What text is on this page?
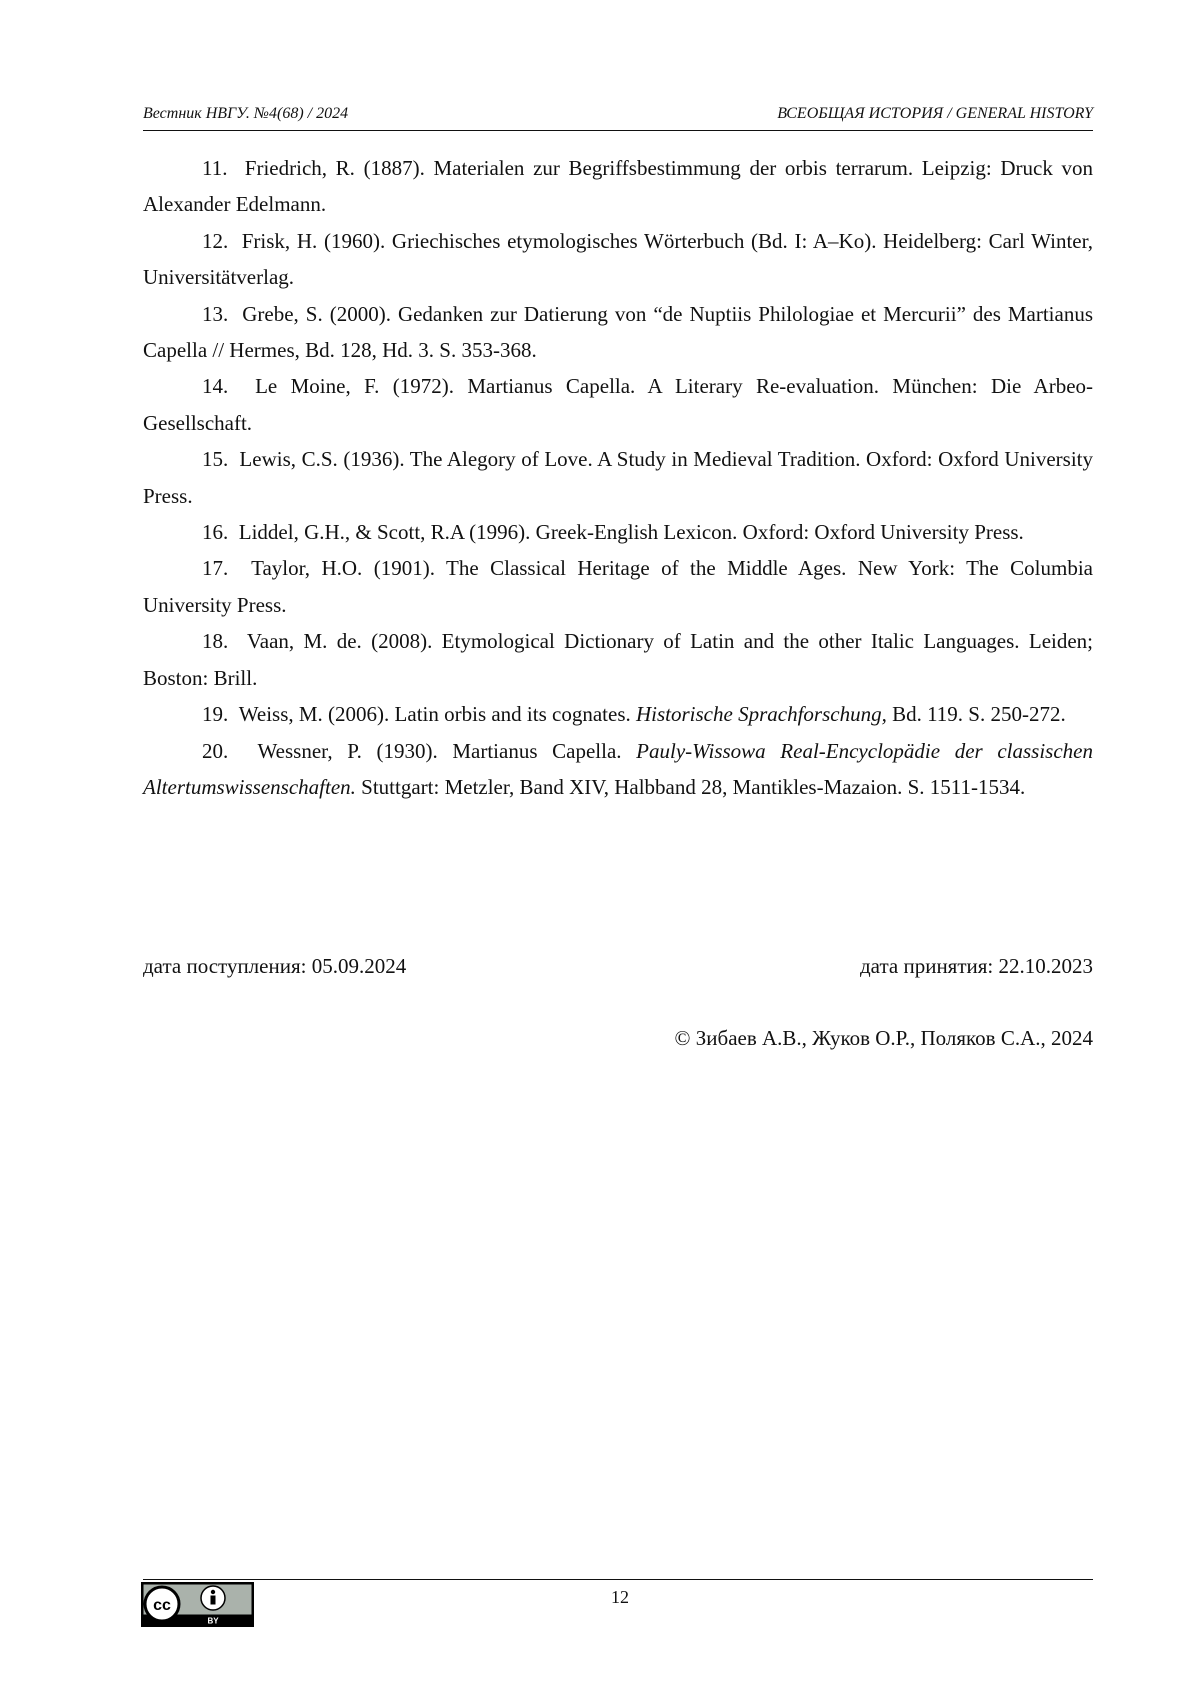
Вестник НВГУ. №4(68) / 2024	ВСЕОБЩАЯ ИСТОРИЯ / GENERAL HISTORY

11. Friedrich, R. (1887). Materialen zur Begriffsbestimmung der orbis terrarum. Leipzig: Druck von Alexander Edelmann.

12. Frisk, H. (1960). Griechisches etymologisches Wörterbuch (Bd. I: A–Ko). Heidelberg: Carl Winter, Universitätverlag.

13. Grebe, S. (2000). Gedanken zur Datierung von “de Nuptiis Philologiae et Mercurii” des Martianus Capella // Hermes, Bd. 128, Hd. 3. S. 353-368.

14. Le Moine, F. (1972). Martianus Capella. A Literary Re-evaluation. München: Die Arbeo-Gesellschaft.

15. Lewis, C.S. (1936). The Alegory of Love. A Study in Medieval Tradition. Oxford: Oxford University Press.

16. Liddel, G.H., & Scott, R.A (1996). Greek-English Lexicon. Oxford: Oxford University Press.

17. Taylor, H.O. (1901). The Classical Heritage of the Middle Ages. New York: The Columbia University Press.

18. Vaan, M. de. (2008). Etymological Dictionary of Latin and the other Italic Languages. Leiden; Boston: Brill.

19. Weiss, M. (2006). Latin orbis and its cognates. Historische Sprachforschung, Bd. 119. S. 250-272.

20. Wessner, P. (1930). Martianus Capella. Pauly-Wissowa Real-Encyclopädie der classischen Altertumswissenschaften. Stuttgart: Metzler, Band XIV, Halbband 28, Mantikles-Mazaion. S. 1511-1534.

дата поступления: 05.09.2024	дата принятия: 22.10.2023
© Зибаев А.В., Жуков О.Р., Поляков С.А., 2024
cc
BY
12
